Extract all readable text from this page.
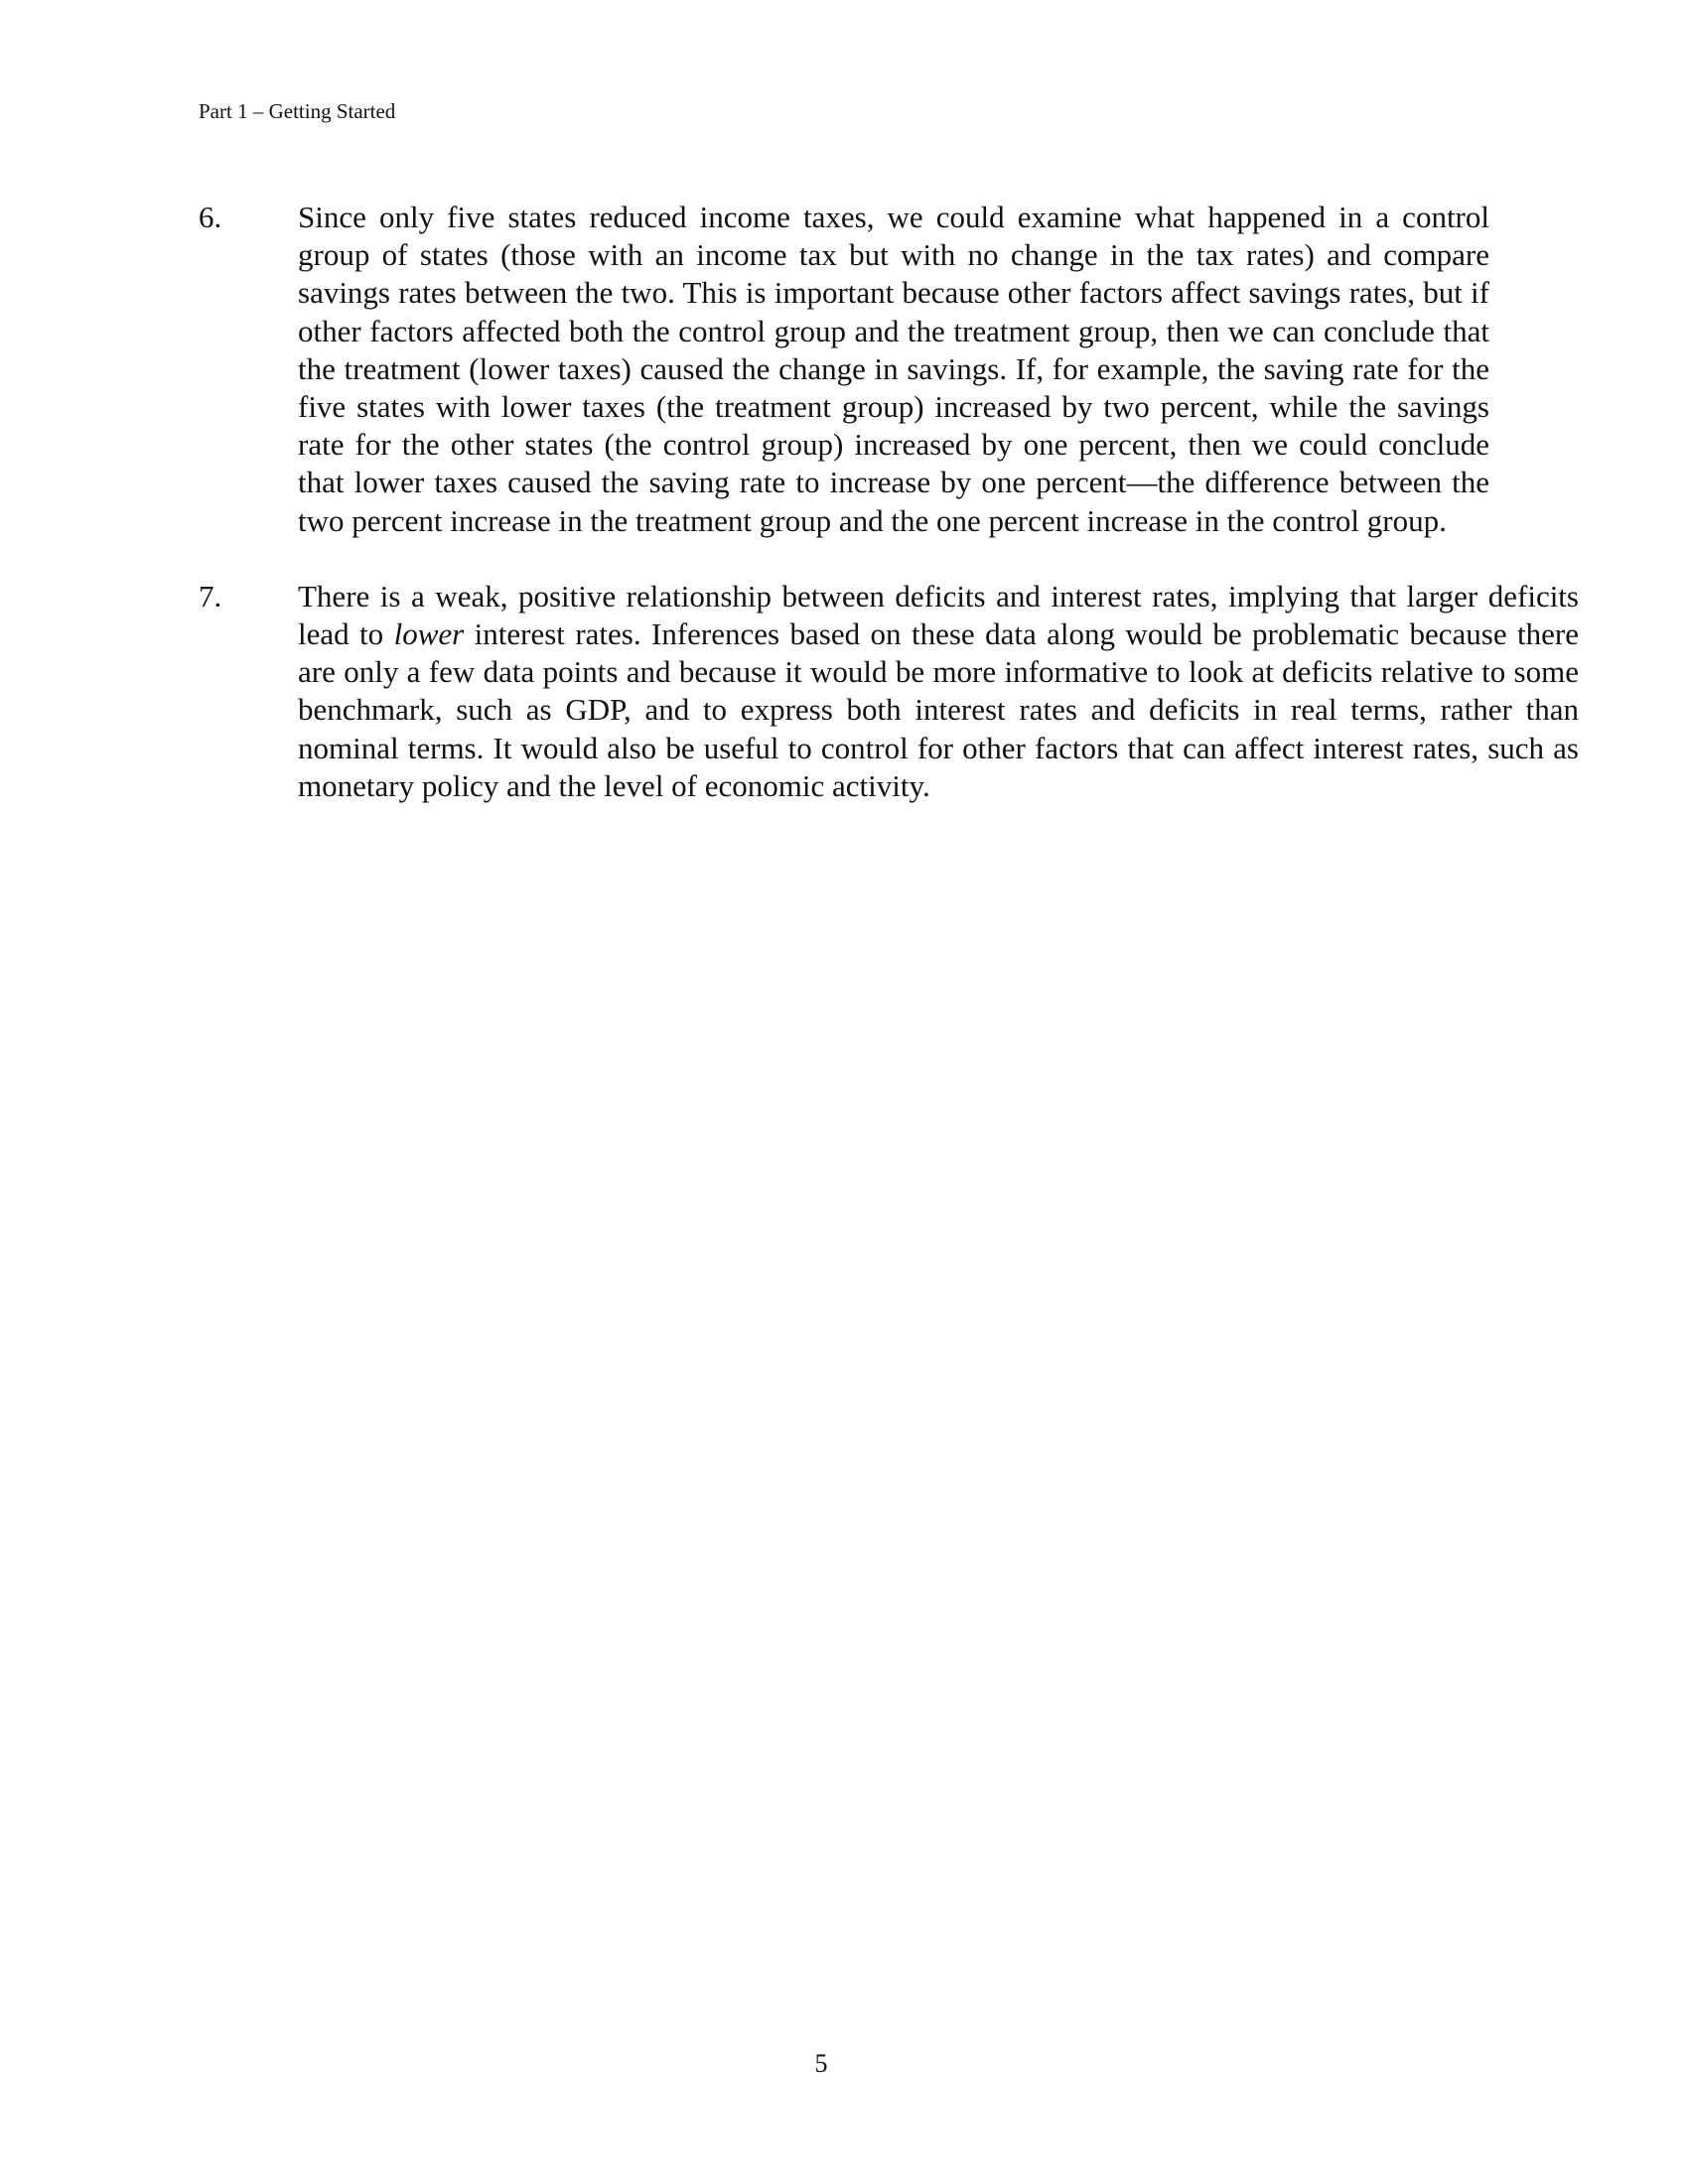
Part 1 – Getting Started
6. Since only five states reduced income taxes, we could examine what happened in a control group of states (those with an income tax but with no change in the tax rates) and compare savings rates between the two. This is important because other factors affect savings rates, but if other factors affected both the control group and the treatment group, then we can conclude that the treatment (lower taxes) caused the change in savings. If, for example, the saving rate for the five states with lower taxes (the treatment group) increased by two percent, while the savings rate for the other states (the control group) increased by one percent, then we could conclude that lower taxes caused the saving rate to increase by one percent—the difference between the two percent increase in the treatment group and the one percent increase in the control group.

7. There is a weak, positive relationship between deficits and interest rates, implying that larger deficits lead to lower interest rates. Inferences based on these data along would be problematic because there are only a few data points and because it would be more informative to look at deficits relative to some benchmark, such as GDP, and to express both interest rates and deficits in real terms, rather than nominal terms. It would also be useful to control for other factors that can affect interest rates, such as monetary policy and the level of economic activity.

5
